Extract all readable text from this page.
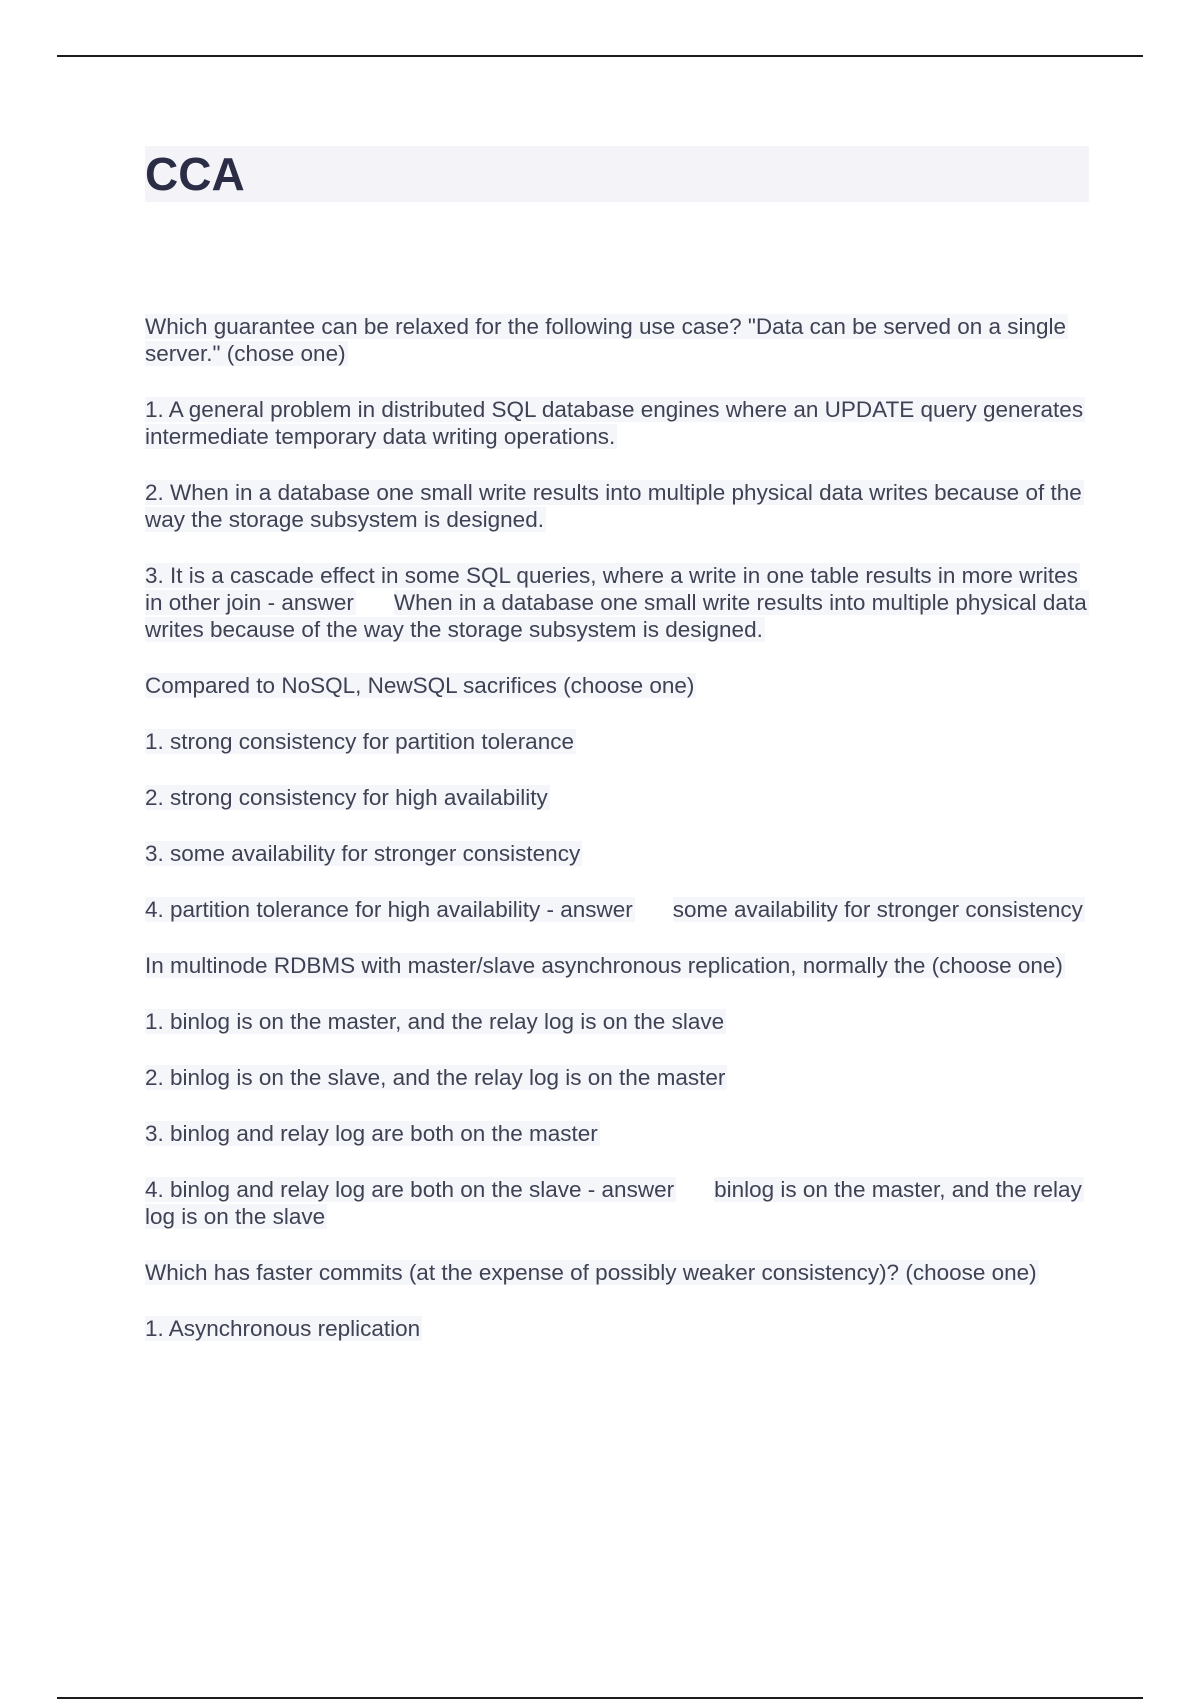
CCA

Which guarantee can be relaxed for the following use case? "Data can be served on a single server." (chose one)

1. A general problem in distributed SQL database engines where an UPDATE query generates intermediate temporary data writing operations.

2. When in a database one small write results into multiple physical data writes because of the way the storage subsystem is designed.

3. It is a cascade effect in some SQL queries, where a write in one table results in more writes in other join - answer When in a database one small write results into multiple physical data writes because of the way the storage subsystem is designed.

Compared to NoSQL, NewSQL sacrifices (choose one)

1. strong consistency for partition tolerance

2. strong consistency for high availability

3. some availability for stronger consistency

4. partition tolerance for high availability - answer some availability for stronger consistency

In multinode RDBMS with master/slave asynchronous replication, normally the (choose one)

1. binlog is on the master, and the relay log is on the slave

2. binlog is on the slave, and the relay log is on the master

3. binlog and relay log are both on the master

4. binlog and relay log are both on the slave - answer binlog is on the master, and the relay log is on the slave

Which has faster commits (at the expense of possibly weaker consistency)? (choose one)

1. Asynchronous replication
